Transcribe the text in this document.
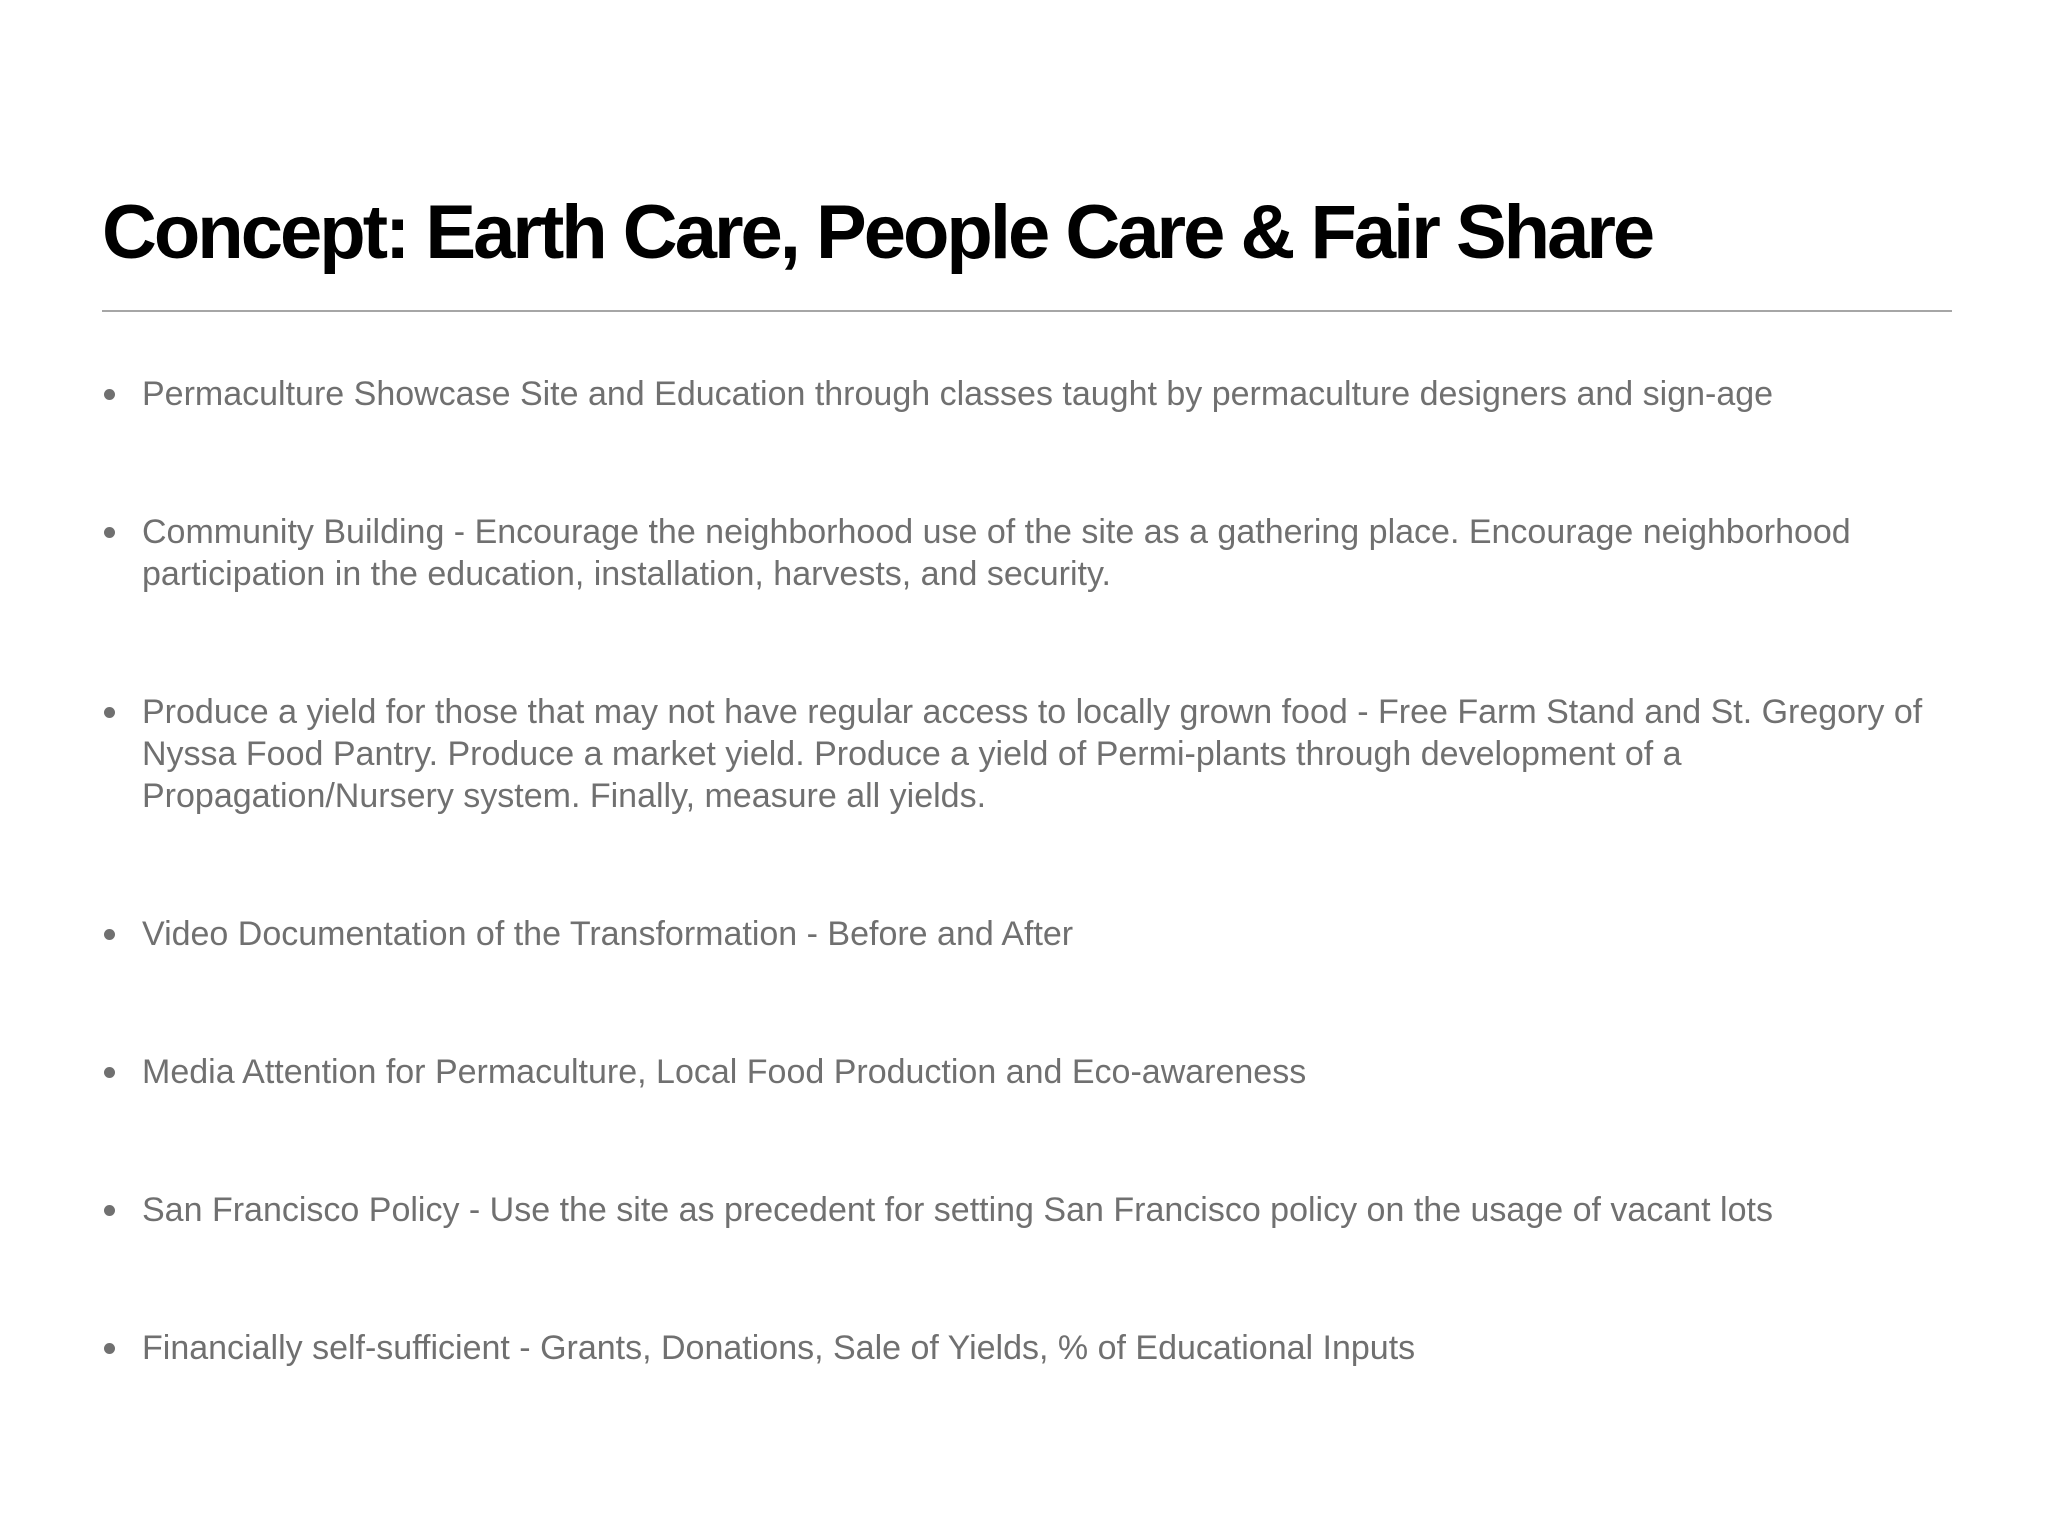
Concept: Earth Care, People Care & Fair Share
Permaculture Showcase Site and Education through classes taught by permaculture designers and sign-age
Community Building - Encourage the neighborhood use of the site as a gathering place. Encourage neighborhood participation in the education, installation, harvests, and security.
Produce a yield for those that may not have regular access to locally grown food - Free Farm Stand and St. Gregory of Nyssa Food Pantry. Produce a market yield. Produce a yield of Permi-plants through development of a Propagation/Nursery system. Finally, measure all yields.
Video Documentation of the Transformation - Before and After
Media Attention for Permaculture, Local Food Production and Eco-awareness
San Francisco Policy - Use the site as precedent for setting San Francisco policy on the usage of vacant lots
Financially self-sufficient - Grants, Donations, Sale of Yields, % of Educational Inputs
